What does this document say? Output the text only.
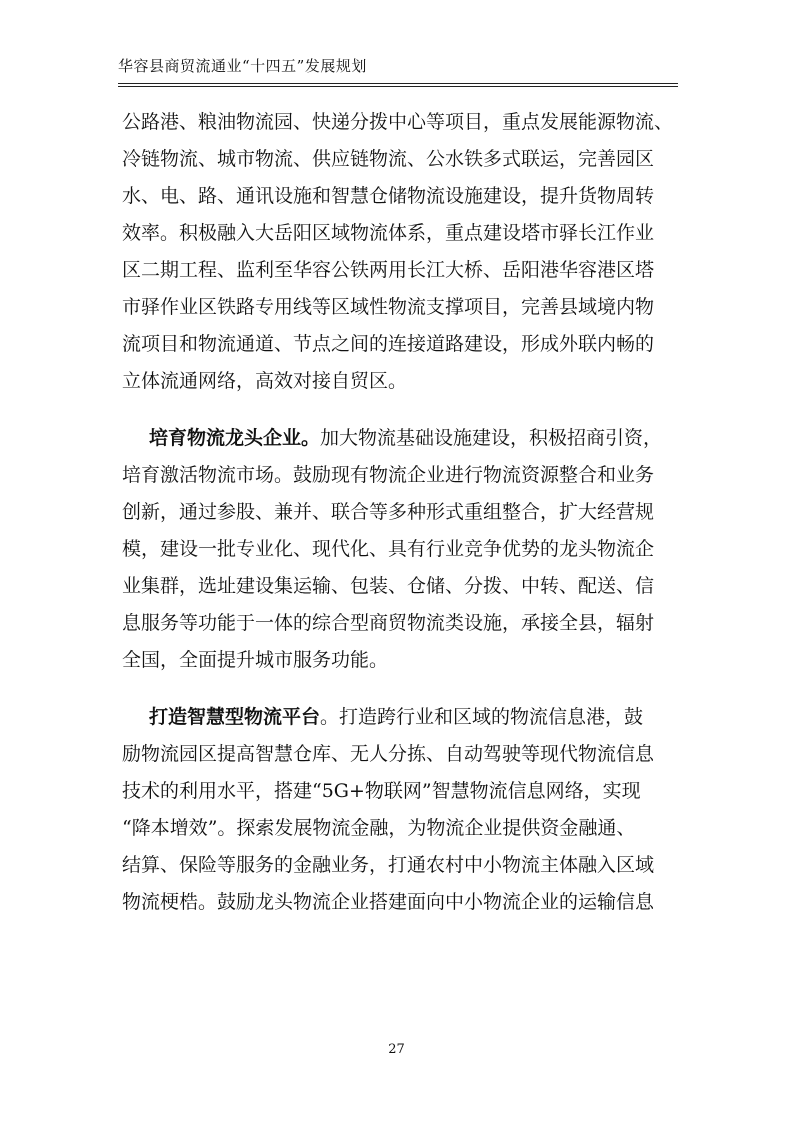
华容县商贸流通业“十四五”发展规划
公路港、粮油物流园、快递分拨中心等项目，重点发展能源物流、
冷链物流、城市物流、供应链物流、公水铁多式联运，完善园区
水、电、路、通讯设施和智慧仓储物流设施建设，提升货物周转
效率。积极融入大岳阳区域物流体系，重点建设塔市驿长江作业
区二期工程、监利至华容公铁两用长江大桥、岳阳港华容港区塔
市驿作业区铁路专用线等区域性物流支撑项目，完善县域境内物
流项目和物流通道、节点之间的连接道路建设，形成外联内畅的
立体流通网络，高效对接自贸区。
培育物流龙头企业。加大物流基础设施建设，积极招商引资，
培育激活物流市场。鼓励现有物流企业进行物流资源整合和业务
创新，通过参股、兼并、联合等多种形式重组整合，扩大经营规
模，建设一批专业化、现代化、具有行业竞争优势的龙头物流企
业集群，选址建设集运输、包装、仓储、分拨、中转、配送、信
息服务等功能于一体的综合型商贸物流类设施，承接全县，辐射
全国，全面提升城市服务功能。
打造智慧型物流平台。打造跨行业和区域的物流信息港，鼓
励物流园区提高智慧仓库、无人分拣、自动驾驶等现代物流信息
技术的利用水平，搭建“5G+物联网”智慧物流信息网络，实现
“降本增效”。探索发展物流金融，为物流企业提供资金融通、
结算、保险等服务的金融业务，打通农村中小物流主体融入区域
物流梗梏。鼓励龙头物流企业搭建面向中小物流企业的运输信息
27
